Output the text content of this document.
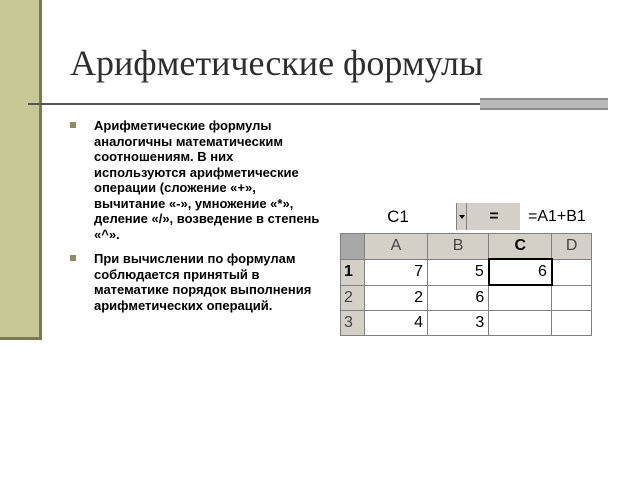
Арифметические формулы
Арифметические формулы аналогичны математическим соотношениям. В них используются арифметические операции (сложение «+», вычитание «-», умножение «*», деление «/», возведение в степень «^».
При вычислении по формулам соблюдается принятый в математике порядок выполнения арифметических операций.
C1	=	=A1+B1
	A	B	C	D
1	7	5	6	
2	2	6		
3	4	3		
